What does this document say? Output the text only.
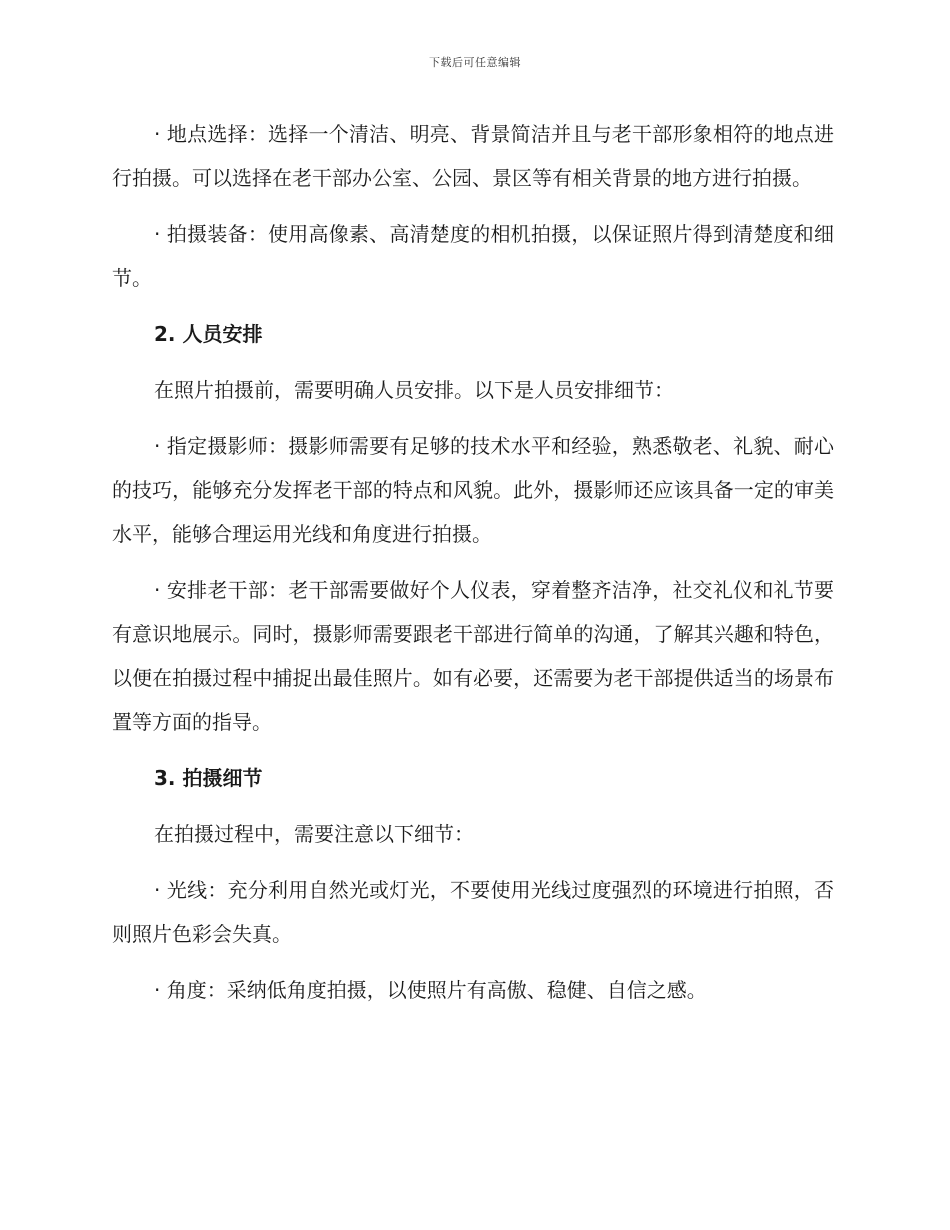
下载后可任意编辑

· 地点选择：选择一个清洁、明亮、背景简洁并且与老干部形象相符的地点进行拍摄。可以选择在老干部办公室、公园、景区等有相关背景的地方进行拍摄。

· 拍摄装备：使用高像素、高清楚度的相机拍摄，以保证照片得到清楚度和细节。

2. 人员安排

在照片拍摄前，需要明确人员安排。以下是人员安排细节：

· 指定摄影师：摄影师需要有足够的技术水平和经验，熟悉敬老、礼貌、耐心的技巧，能够充分发挥老干部的特点和风貌。此外，摄影师还应该具备一定的审美水平，能够合理运用光线和角度进行拍摄。

· 安排老干部：老干部需要做好个人仪表，穿着整齐洁净，社交礼仪和礼节要有意识地展示。同时，摄影师需要跟老干部进行简单的沟通，了解其兴趣和特色，以便在拍摄过程中捕捉出最佳照片。如有必要，还需要为老干部提供适当的场景布置等方面的指导。

3. 拍摄细节

在拍摄过程中，需要注意以下细节：

· 光线：充分利用自然光或灯光，不要使用光线过度强烈的环境进行拍照，否则照片色彩会失真。

· 角度：采纳低角度拍摄，以使照片有高傲、稳健、自信之感。
